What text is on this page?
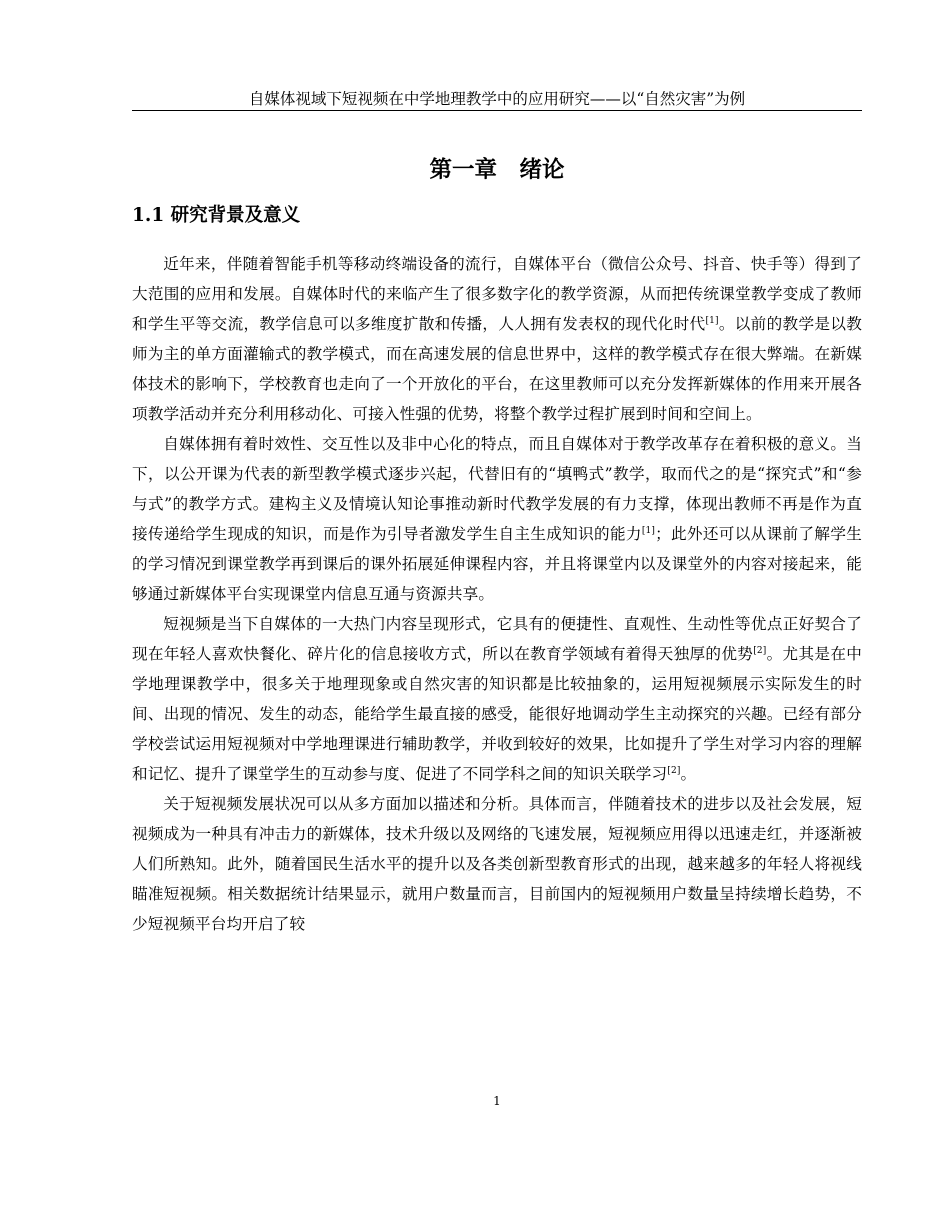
自媒体视域下短视频在中学地理教学中的应用研究——以“自然灾害”为例
第一章　绪论
1.1 研究背景及意义

近年来，伴随着智能手机等移动终端设备的流行，自媒体平台（微信公众号、抖音、快手等）得到了大范围的应用和发展。自媒体时代的来临产生了很多数字化的教学资源，从而把传统课堂教学变成了教师和学生平等交流，教学信息可以多维度扩散和传播，人人拥有发表权的现代化时代[1]。以前的教学是以教师为主的单方面灌输式的教学模式，而在高速发展的信息世界中，这样的教学模式存在很大弊端。在新媒体技术的影响下，学校教育也走向了一个开放化的平台，在这里教师可以充分发挥新媒体的作用来开展各项教学活动并充分利用移动化、可接入性强的优势，将整个教学过程扩展到时间和空间上。

自媒体拥有着时效性、交互性以及非中心化的特点，而且自媒体对于教学改革存在着积极的意义。当下，以公开课为代表的新型教学模式逐步兴起，代替旧有的“填鸭式”教学，取而代之的是“探究式”和“参与式”的教学方式。建构主义及情境认知论事推动新时代教学发展的有力支撑，体现出教师不再是作为直接传递给学生现成的知识，而是作为引导者激发学生自主生成知识的能力[1]；此外还可以从课前了解学生的学习情况到课堂教学再到课后的课外拓展延伸课程内容，并且将课堂内以及课堂外的内容对接起来，能够通过新媒体平台实现课堂内信息互通与资源共享。

短视频是当下自媒体的一大热门内容呈现形式，它具有的便捷性、直观性、生动性等优点正好契合了现在年轻人喜欢快餐化、碎片化的信息接收方式，所以在教育学领域有着得天独厚的优势[2]。尤其是在中学地理课教学中，很多关于地理现象或自然灾害的知识都是比较抽象的，运用短视频展示实际发生的时间、出现的情况、发生的动态，能给学生最直接的感受，能很好地调动学生主动探究的兴趣。已经有部分学校尝试运用短视频对中学地理课进行辅助教学，并收到较好的效果，比如提升了学生对学习内容的理解和记忆、提升了课堂学生的互动参与度、促进了不同学科之间的知识关联学习[2]。

关于短视频发展状况可以从多方面加以描述和分析。具体而言，伴随着技术的进步以及社会发展，短视频成为一种具有冲击力的新媒体，技术升级以及网络的飞速发展，短视频应用得以迅速走红，并逐渐被人们所熟知。此外，随着国民生活水平的提升以及各类创新型教育形式的出现，越来越多的年轻人将视线瞄准短视频。相关数据统计结果显示，就用户数量而言，目前国内的短视频用户数量呈持续增长趋势，不少短视频平台均开启了较

1
